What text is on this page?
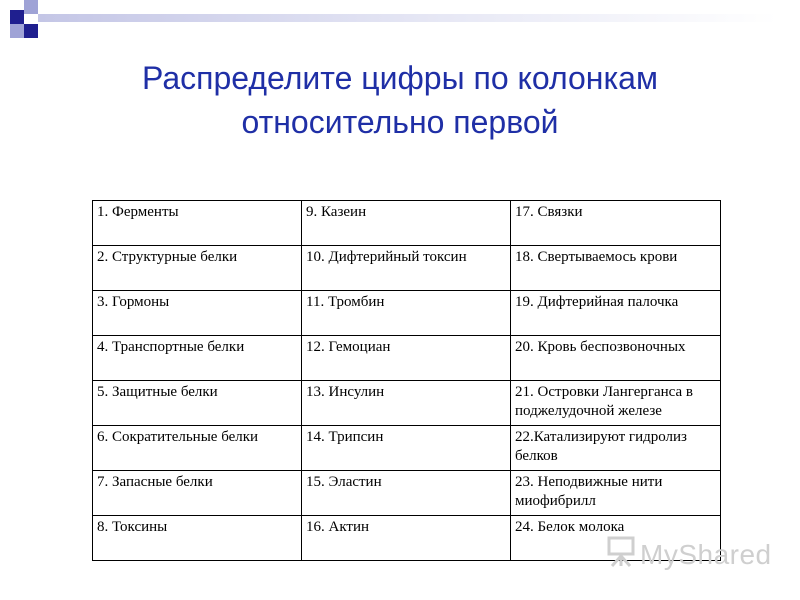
Распределите цифры по колонкам
относительно первой
1. Ферменты	9. Казеин	17. Связки
2. Структурные белки	10. Дифтерийный токсин	18. Свертываемось крови
3. Гормоны	11. Тромбин	19. Дифтерийная палочка
4. Транспортные белки	12. Гемоциан	20. Кровь беспозвоночных
5. Защитные белки	13. Инсулин	21. Островки Лангерганса в поджелудочной железе
6. Сократительные белки	14. Трипсин	22.Катализируют гидролиз белков
7. Запасные белки	15. Эластин	23. Неподвижные нити миофибрилл
8. Токсины	16. Актин	24. Белок молока
MyShared
